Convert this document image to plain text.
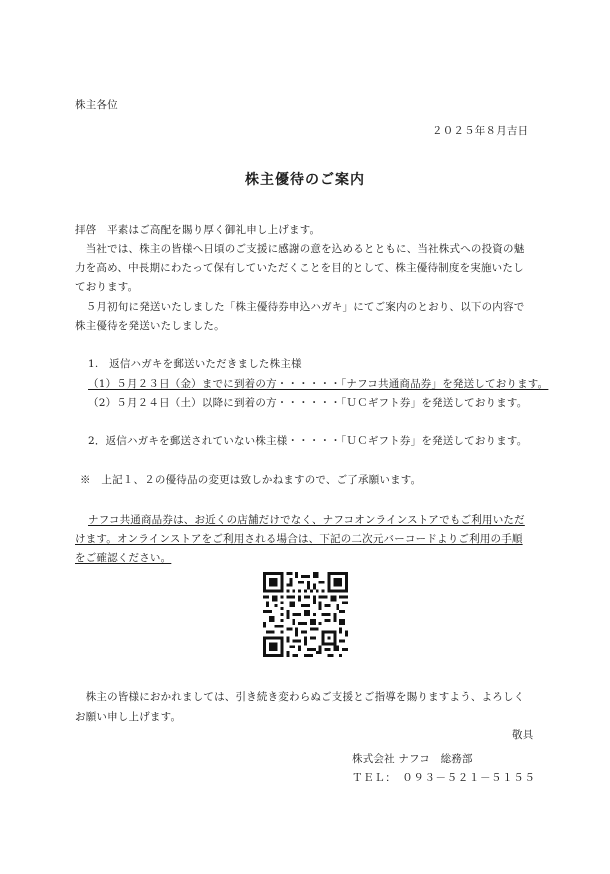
株主各位
２０２５年８月吉日
株主優待のご案内
拝啓　平素はご高配を賜り厚く御礼申し上げます。
　当社では、株主の皆様へ日頃のご支援に感謝の意を込めるとともに、当社株式への投資の魅
力を高め、中長期にわたって保有していただくことを目的として、株主優待制度を実施いたし
ております。
　５月初旬に発送いたしました「株主優待券申込ハガキ」にてご案内のとおり、以下の内容で
株主優待を発送いたしました。
1.　返信ハガキを郵送いただきました株主様
（1）５月２３日（金）までに到着の方・・・・・・「ナフコ共通商品券」を発送しております。
（2）５月２４日（土）以降に到着の方・・・・・・「ＵＣギフト券」を発送しております。
2．返信ハガキを郵送されていない株主様・・・・・「ＵＣギフト券」を発送しております。
※　上記１、２の優待品の変更は致しかねますので、ご了承願います。
ナフコ共通商品券は、お近くの店舗だけでなく、ナフコオンラインストアでもご利用いただ
けます。オンラインストアをご利用される場合は、下記の二次元バーコードよりご利用の手順
をご確認ください。
　株主の皆様におかれましては、引き続き変わらぬご支援とご指導を賜りますよう、よろしく
お願い申し上げます。
敬具
株式会社 ナフコ　総務部
ＴＥＬ：　０９３－５２１－５１５５
